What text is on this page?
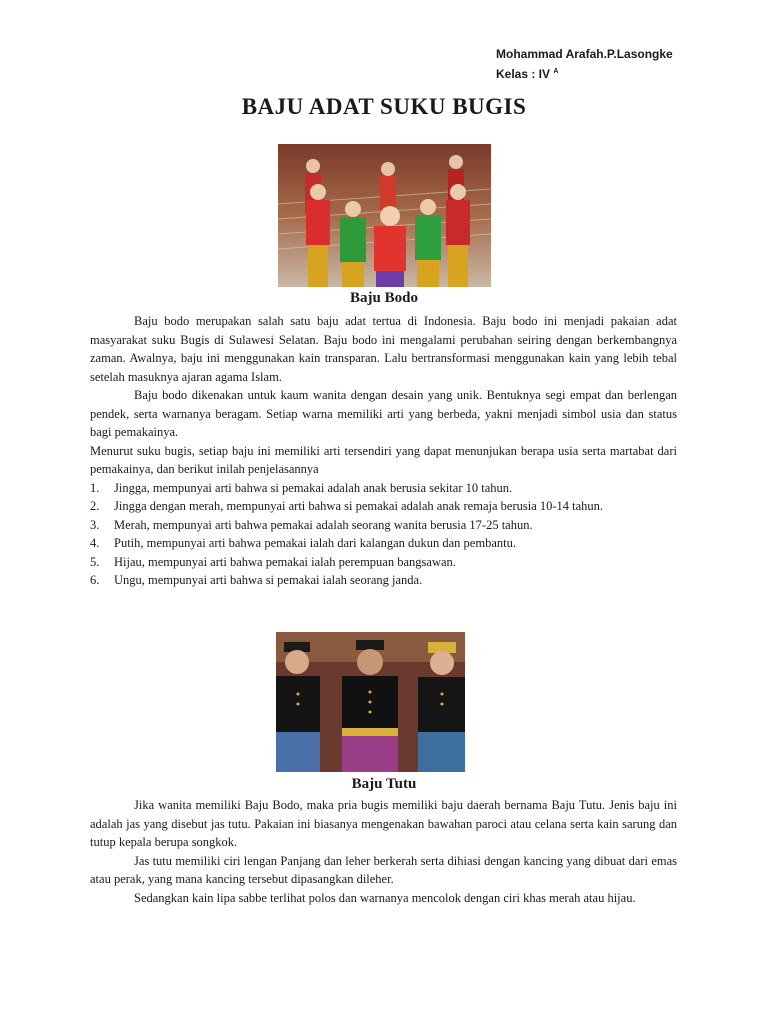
Mohammad Arafah.P.Lasongke
Kelas : IV $^A$
BAJU ADAT SUKU BUGIS
Baju Bodo

Baju bodo merupakan salah satu baju adat tertua di Indonesia. Baju bodo ini menjadi pakaian adat masyarakat suku Bugis di Sulawesi Selatan. Baju bodo ini mengalami perubahan seiring dengan berkembangnya zaman. Awalnya, baju ini menggunakan kain transparan. Lalu bertransformasi menggunakan kain yang lebih tebal setelah masuknya ajaran agama Islam.

Baju bodo dikenakan untuk kaum wanita dengan desain yang unik. Bentuknya segi empat dan berlengan pendek, serta warnanya beragam. Setiap warna memiliki arti yang berbeda, yakni menjadi simbol usia dan status bagi pemakainya.

Menurut suku bugis, setiap baju ini memiliki arti tersendiri yang dapat menunjukan berapa usia serta martabat dari pemakainya, dan berikut inilah penjelasannya

1.	Jingga, mempunyai arti bahwa si pemakai adalah anak berusia sekitar 10 tahun.
2.	Jingga dengan merah, mempunyai arti bahwa si pemakai adalah anak remaja berusia 10-14 tahun.
3.	Merah, mempunyai arti bahwa pemakai adalah seorang wanita berusia 17-25 tahun.
4.	Putih, mempunyai arti bahwa pemakai ialah dari kalangan dukun dan pembantu.
5.	Hijau, mempunyai arti bahwa pemakai ialah perempuan bangsawan.
6.	Ungu, mempunyai arti bahwa si pemakai ialah seorang janda.
Baju Tutu

Jika wanita memiliki Baju Bodo, maka pria bugis memiliki baju daerah bernama Baju Tutu. Jenis baju ini adalah jas yang disebut jas tutu. Pakaian ini biasanya mengenakan bawahan paroci atau celana serta kain sarung dan tutup kepala berupa songkok.

Jas tutu memiliki ciri lengan Panjang dan leher berkerah serta dihiasi dengan kancing yang dibuat dari emas atau perak, yang mana kancing tersebut dipasangkan dileher.

Sedangkan kain lipa sabbe terlihat polos dan warnanya mencolok dengan ciri khas merah atau hijau.
